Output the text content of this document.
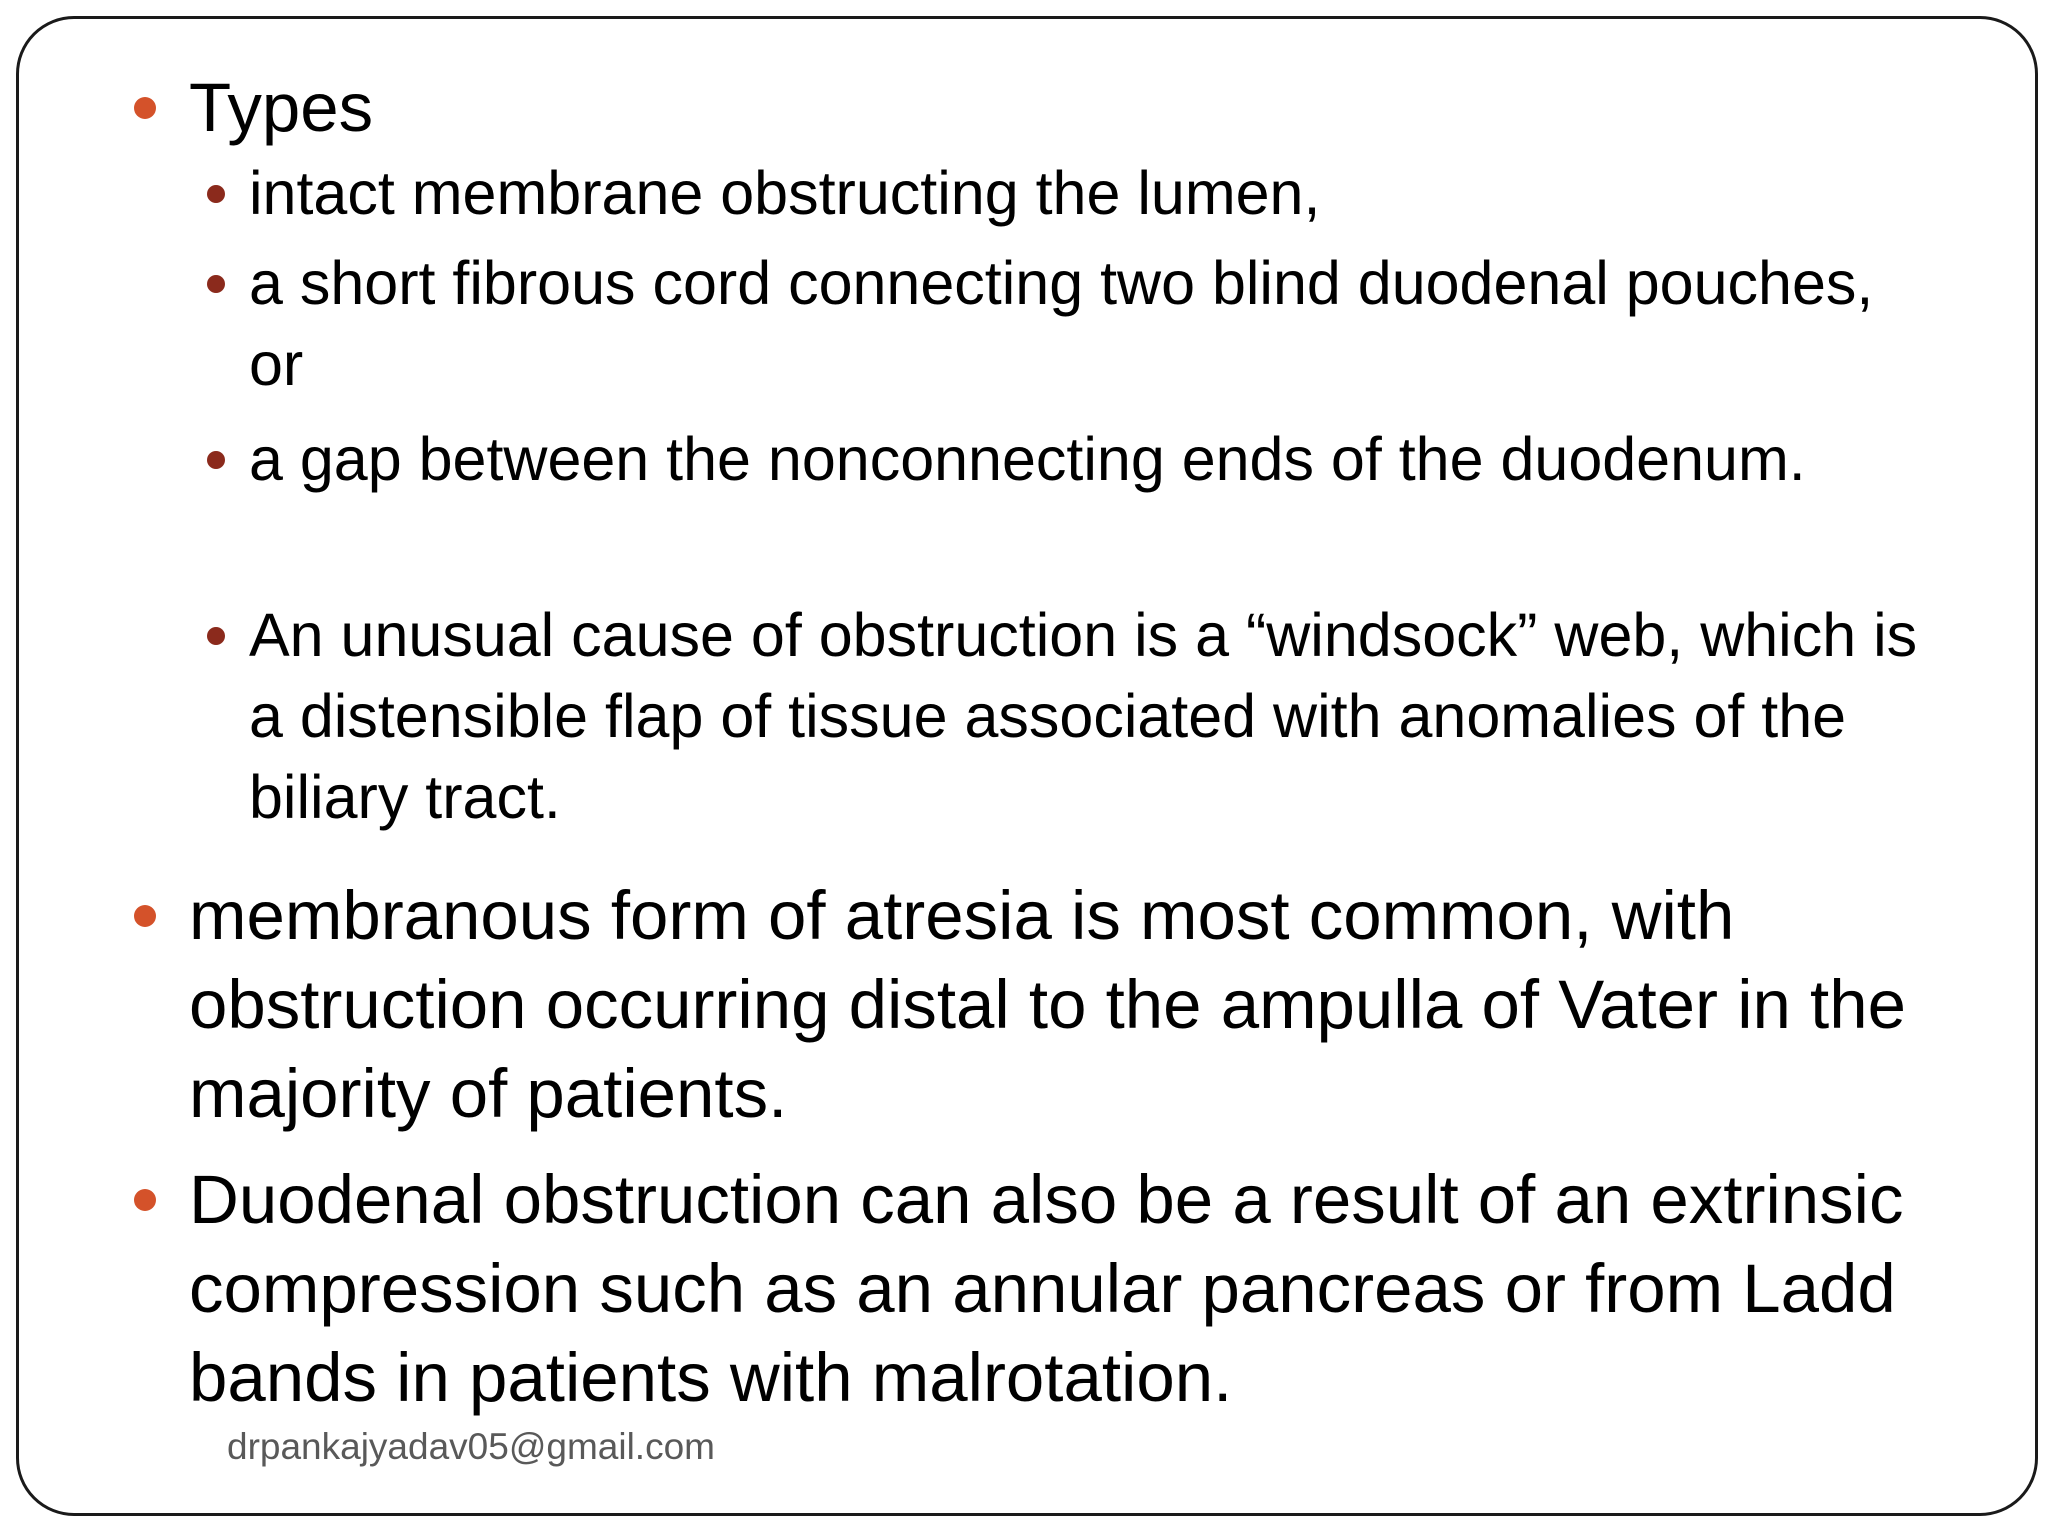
Types
intact membrane obstructing the lumen,
a short fibrous cord connecting two blind duodenal pouches, or
a gap between the nonconnecting ends of the duodenum.
An unusual cause of obstruction is a “windsock” web, which is a distensible flap of tissue associated with anomalies of the biliary tract.
membranous form of atresia is most common, with obstruction occurring distal to the ampulla of Vater in the majority of patients.
Duodenal obstruction can also be a result of an extrinsic compression such as an annular pancreas or from Ladd bands in patients with malrotation.
drpankajyadav05@gmail.com
